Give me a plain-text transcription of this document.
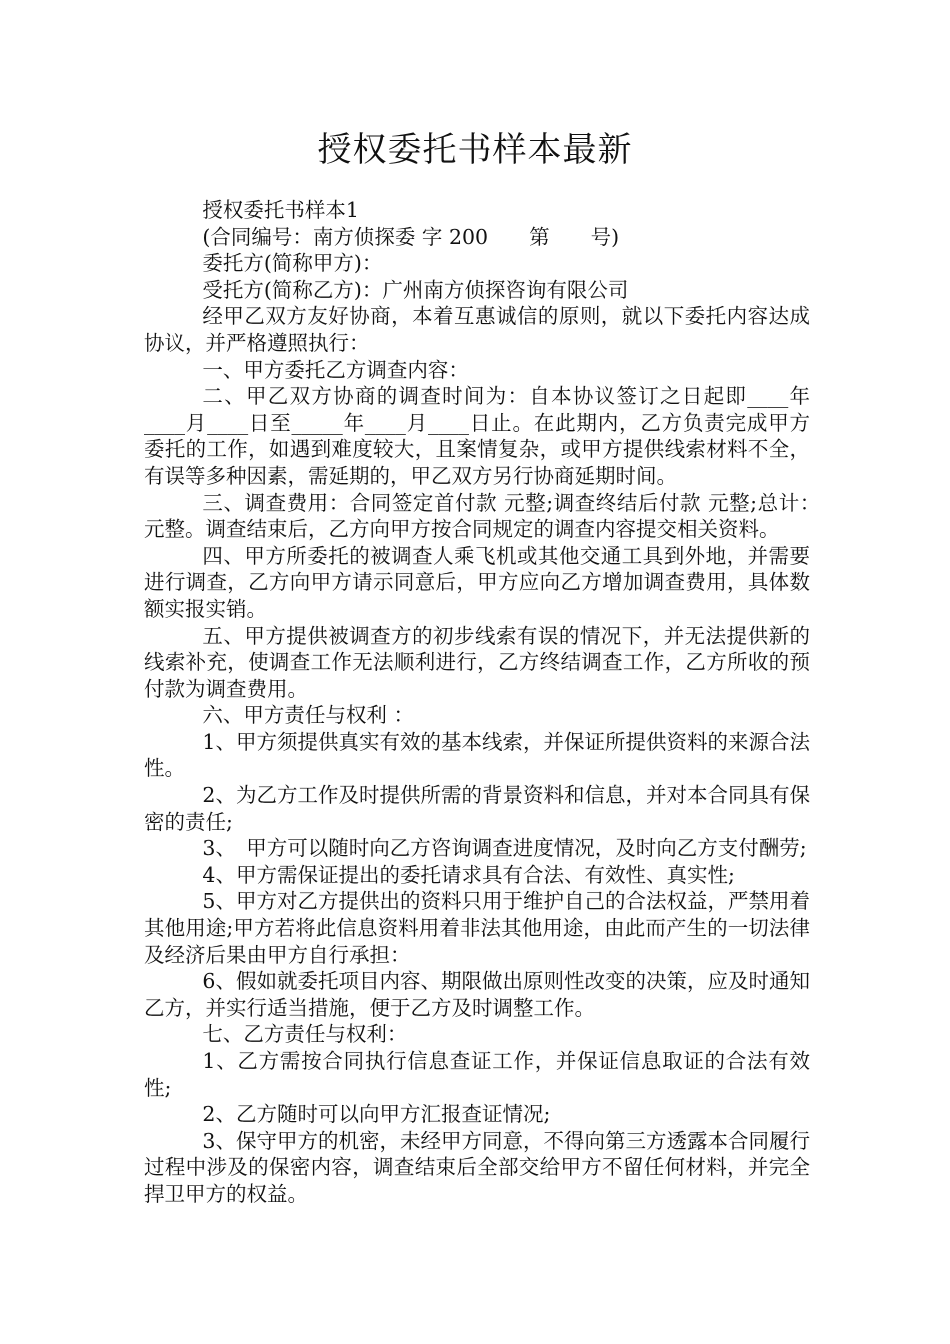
授权委托书样本最新

授权委托书样本1

(合同编号：南方侦探委 字 200　　第　　号)

委托方(简称甲方)：

受托方(简称乙方)：广州南方侦探咨询有限公司

经甲乙双方友好协商，本着互惠诚信的原则，就以下委托内容达成协议，并严格遵照执行：

一、甲方委托乙方调查内容：

二、甲乙双方协商的调查时间为：自本协议签订之日起即____年____月____日至_____年____月____日止。在此期内，乙方负责完成甲方委托的工作，如遇到难度较大，且案情复杂，或甲方提供线索材料不全，有误等多种因素，需延期的，甲乙双方另行协商延期时间。

三、调查费用：合同签定首付款 元整;调查终结后付款 元整;总计：　元整。调查结束后，乙方向甲方按合同规定的调查内容提交相关资料。

四、甲方所委托的被调查人乘飞机或其他交通工具到外地，并需要进行调查，乙方向甲方请示同意后，甲方应向乙方增加调查费用，具体数额实报实销。

五、甲方提供被调查方的初步线索有误的情况下，并无法提供新的线索补充，使调查工作无法顺利进行，乙方终结调查工作，乙方所收的预付款为调查费用。

六、甲方责任与权利 ：

1、甲方须提供真实有效的基本线索，并保证所提供资料的来源合法性。

2、为乙方工作及时提供所需的背景资料和信息，并对本合同具有保密的责任;

3、　甲方可以随时向乙方咨询调查进度情况，及时向乙方支付酬劳;

4、甲方需保证提出的委托请求具有合法、有效性、真实性;

5、甲方对乙方提供出的资料只用于维护自己的合法权益，严禁用着其他用途;甲方若将此信息资料用着非法其他用途，由此而产生的一切法律及经济后果由甲方自行承担：

6、假如就委托项目内容、期限做出原则性改变的决策，应及时通知乙方，并实行适当措施，便于乙方及时调整工作。

七、乙方责任与权利：

1、乙方需按合同执行信息查证工作，并保证信息取证的合法有效性;

2、乙方随时可以向甲方汇报查证情况;

3、保守甲方的机密，未经甲方同意，不得向第三方透露本合同履行过程中涉及的保密内容，调查结束后全部交给甲方不留任何材料，并完全捍卫甲方的权益。
